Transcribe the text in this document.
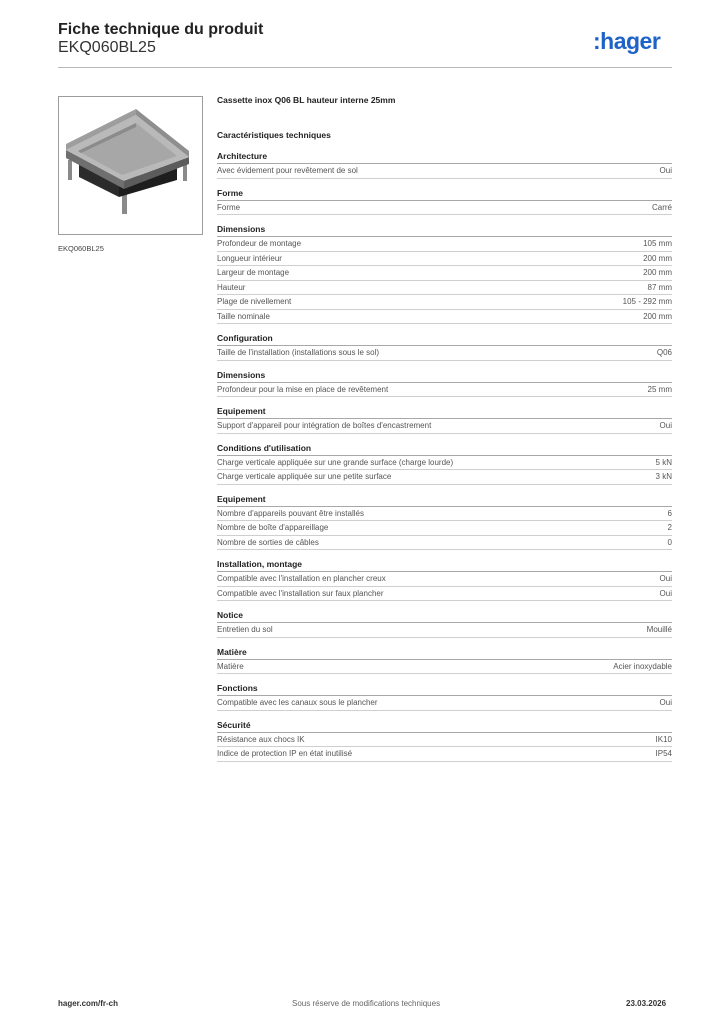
Fiche technique du produit
EKQ060BL25	:hager
EKQ060BL25
Cassette inox Q06 BL hauteur interne 25mm
Caractéristiques techniques
Architecture
Avec évidement pour revêtement de sol	Oui
Forme
Forme	Carré
Dimensions
Profondeur de montage	105 mm
Longueur intérieur	200 mm
Largeur de montage	200 mm
Hauteur	87 mm
Plage de nivellement	105 - 292 mm
Taille nominale	200 mm
Configuration
Taille de l'installation (installations sous le sol)	Q06
Dimensions
Profondeur pour la mise en place de revêtement	25 mm
Equipement
Support d'appareil pour intégration de boîtes d'encastrement	Oui
Conditions d'utilisation
Charge verticale appliquée sur une grande surface (charge lourde)	5 kN
Charge verticale appliquée sur une petite surface	3 kN
Equipement
Nombre d'appareils pouvant être installés	6
Nombre de boîte d'appareillage	2
Nombre de sorties de câbles	0
Installation, montage
Compatible avec l'installation en plancher creux	Oui
Compatible avec l'installation sur faux plancher	Oui
Notice
Entretien du sol	Mouillé
Matière
Matière	Acier inoxydable
Fonctions
Compatible avec les canaux sous le plancher	Oui
Sécurité
Résistance aux chocs IK	IK10
Indice de protection IP en état inutilisé	IP54
hager.com/fr-ch	Sous réserve de modifications techniques	23.03.2026
